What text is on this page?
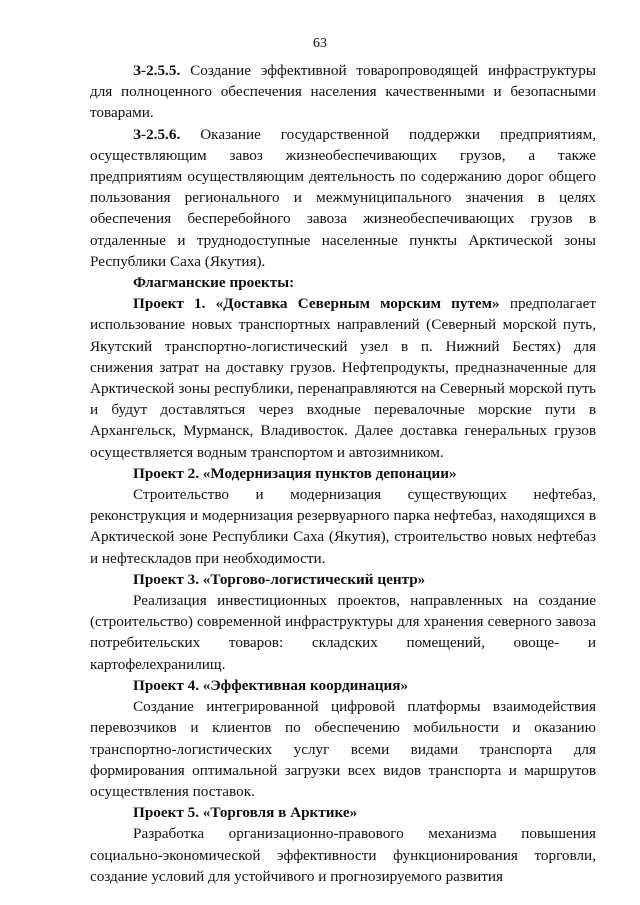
63

З-2.5.5. Создание эффективной товаропроводящей инфраструктуры для полноценного обеспечения населения качественными и безопасными товарами.

З-2.5.6. Оказание государственной поддержки предприятиям, осуществляющим завоз жизнеобеспечивающих грузов, а также предприятиям осуществляющим деятельность по содержанию дорог общего пользования регионального и межмуниципального значения в целях обеспечения бесперебойного завоза жизнеобеспечивающих грузов в отдаленные и труднодоступные населенные пункты Арктической зоны Республики Саха (Якутия).

Флагманские проекты:

Проект 1. «Доставка Северным морским путем» предполагает использование новых транспортных направлений (Северный морской путь, Якутский транспортно-логистический узел в п. Нижний Бестях) для снижения затрат на доставку грузов. Нефтепродукты, предназначенные для Арктической зоны республики, перенаправляются на Северный морской путь и будут доставляться через входные перевалочные морские пути в Архангельск, Мурманск, Владивосток. Далее доставка генеральных грузов осуществляется водным транспортом и автозимником.

Проект 2. «Модернизация пунктов депонации»

Строительство и модернизация существующих нефтебаз, реконструкция и модернизация резервуарного парка нефтебаз, находящихся в Арктической зоне Республики Саха (Якутия), строительство новых нефтебаз и нефтескладов при необходимости.

Проект 3. «Торгово-логистический центр»

Реализация инвестиционных проектов, направленных на создание (строительство) современной инфраструктуры для хранения северного завоза потребительских товаров: складских помещений, овоще- и картофелехранилищ.

Проект 4. «Эффективная координация»

Создание интегрированной цифровой платформы взаимодействия перевозчиков и клиентов по обеспечению мобильности и оказанию транспортно-логистических услуг всеми видами транспорта для формирования оптимальной загрузки всех видов транспорта и маршрутов осуществления поставок.

Проект 5. «Торговля в Арктике»

Разработка организационно-правового механизма повышения социально-экономической эффективности функционирования торговли, создание условий для устойчивого и прогнозируемого развития
